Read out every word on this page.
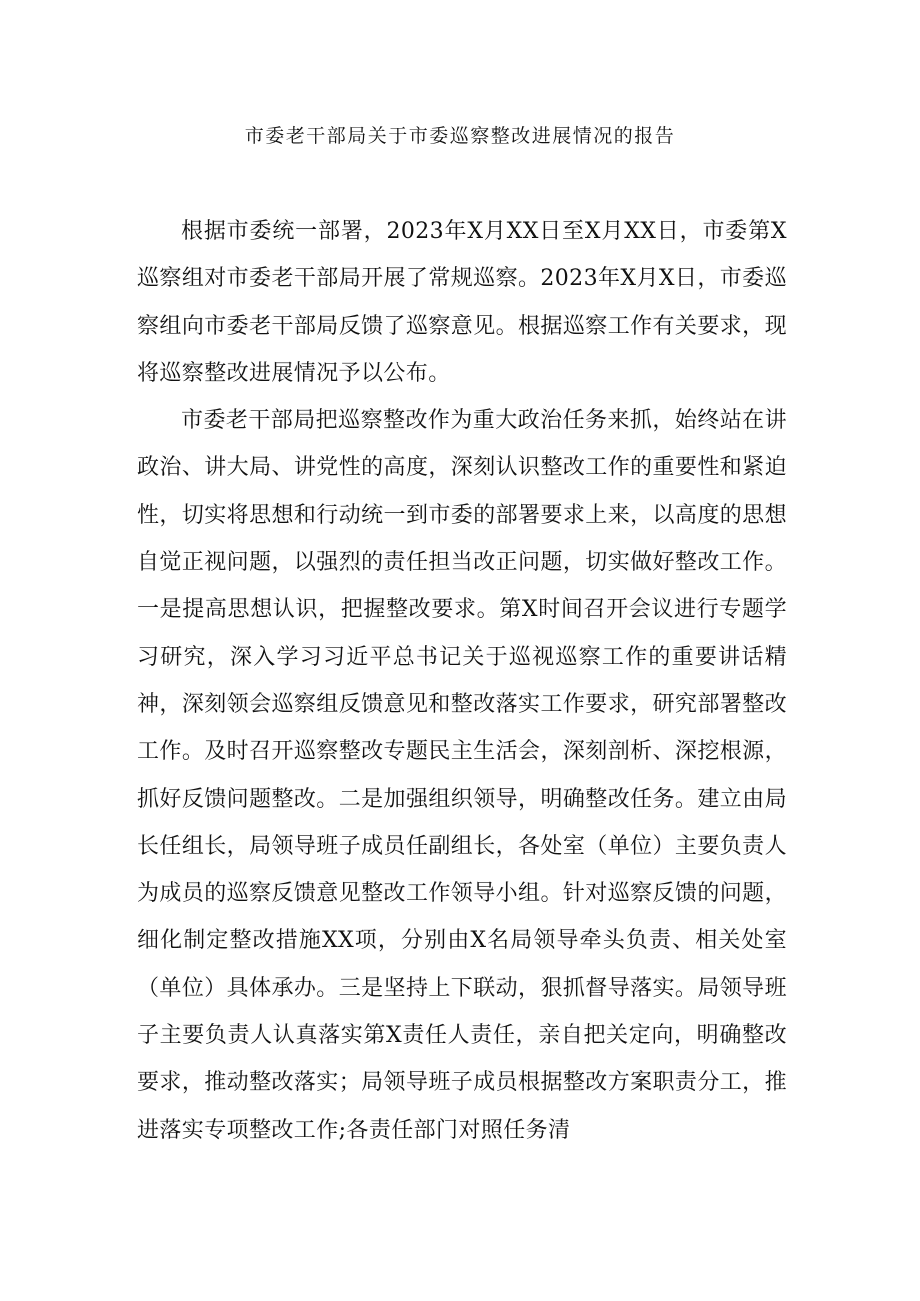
市委老干部局关于市委巡察整改进展情况的报告

根据市委统一部署，2023年X月XX日至X月XX日，市委第X巡察组对市委老干部局开展了常规巡察。2023年X月X日，市委巡察组向市委老干部局反馈了巡察意见。根据巡察工作有关要求，现将巡察整改进展情况予以公布。

市委老干部局把巡察整改作为重大政治任务来抓，始终站在讲政治、讲大局、讲党性的高度，深刻认识整改工作的重要性和紧迫性，切实将思想和行动统一到市委的部署要求上来，以高度的思想自觉正视问题，以强烈的责任担当改正问题，切实做好整改工作。一是提高思想认识，把握整改要求。第X时间召开会议进行专题学习研究，深入学习习近平总书记关于巡视巡察工作的重要讲话精神，深刻领会巡察组反馈意见和整改落实工作要求，研究部署整改工作。及时召开巡察整改专题民主生活会，深刻剖析、深挖根源，抓好反馈问题整改。二是加强组织领导，明确整改任务。建立由局长任组长，局领导班子成员任副组长，各处室（单位）主要负责人为成员的巡察反馈意见整改工作领导小组。针对巡察反馈的问题，细化制定整改措施XX项，分别由X名局领导牵头负责、相关处室（单位）具体承办。三是坚持上下联动，狠抓督导落实。局领导班子主要负责人认真落实第X责任人责任，亲自把关定向，明确整改要求，推动整改落实；局领导班子成员根据整改方案职责分工，推进落实专项整改工作;各责任部门对照任务清
